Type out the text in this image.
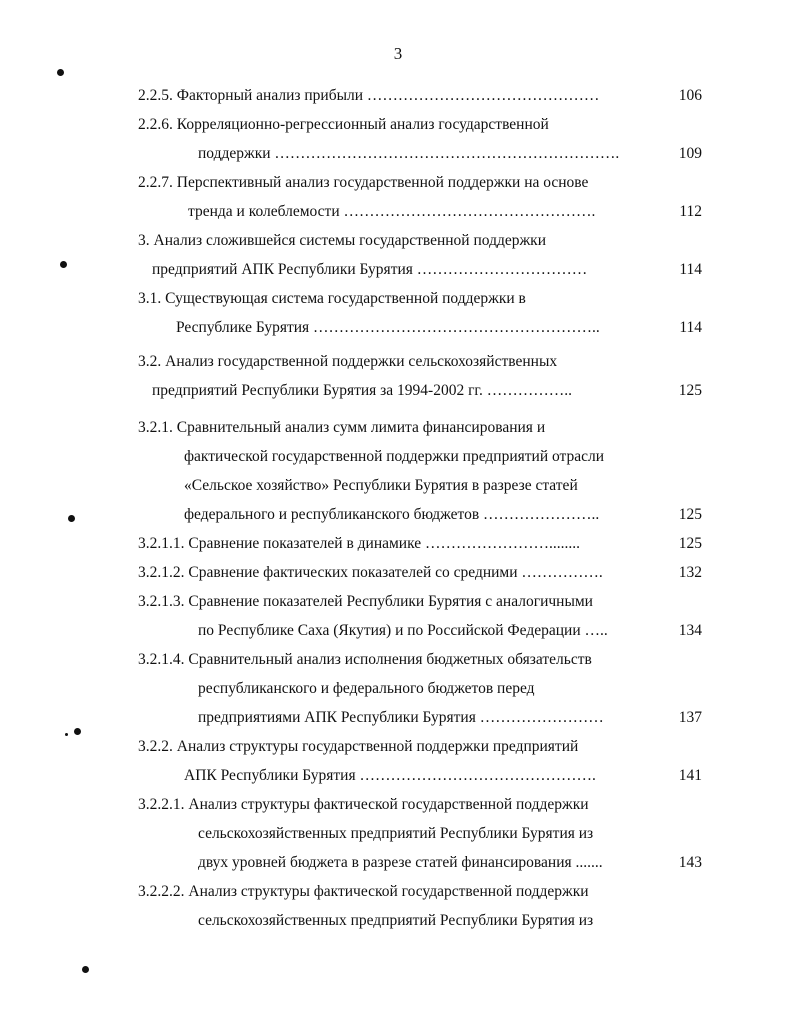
3
2.2.5. Факторный анализ прибыли ………………………………………	106
2.2.6. Корреляционно-регрессионный анализ государственной
поддержки ………………………………………………………….	109
2.2.7. Перспективный анализ государственной поддержки на основе
тренда и колеблемости ………………………………………….	112
3. Анализ сложившейся системы государственной поддержки
предприятий АПК Республики Бурятия ……………………………	114
3.1. Существующая система государственной поддержки в
Республике Бурятия ………………………………………………..	114
3.2. Анализ государственной поддержки сельскохозяйственных
предприятий Республики Бурятия за 1994-2002 гг. ……………..	125
3.2.1. Сравнительный анализ сумм лимита финансирования и
фактической государственной поддержки предприятий отрасли
«Сельское хозяйство» Республики Бурятия в разрезе статей
федерального и республиканского бюджетов …………………..	125
3.2.1.1. Сравнение показателей в динамике ……………………........	125
3.2.1.2. Сравнение фактических показателей со средними …………….	132
3.2.1.3. Сравнение показателей Республики Бурятия с аналогичными
по Республике Саха (Якутия) и по Российской Федерации …..	134
3.2.1.4. Сравнительный анализ исполнения бюджетных обязательств
республиканского и федерального бюджетов перед
предприятиями АПК Республики Бурятия ……………………	137
3.2.2. Анализ структуры государственной поддержки предприятий
АПК Республики Бурятия ……………………………………….	141
3.2.2.1. Анализ структуры фактической государственной поддержки
сельскохозяйственных предприятий Республики Бурятия из
двух уровней бюджета в разрезе статей финансирования .......	143
3.2.2.2. Анализ структуры фактической государственной поддержки
сельскохозяйственных предприятий Республики Бурятия из
